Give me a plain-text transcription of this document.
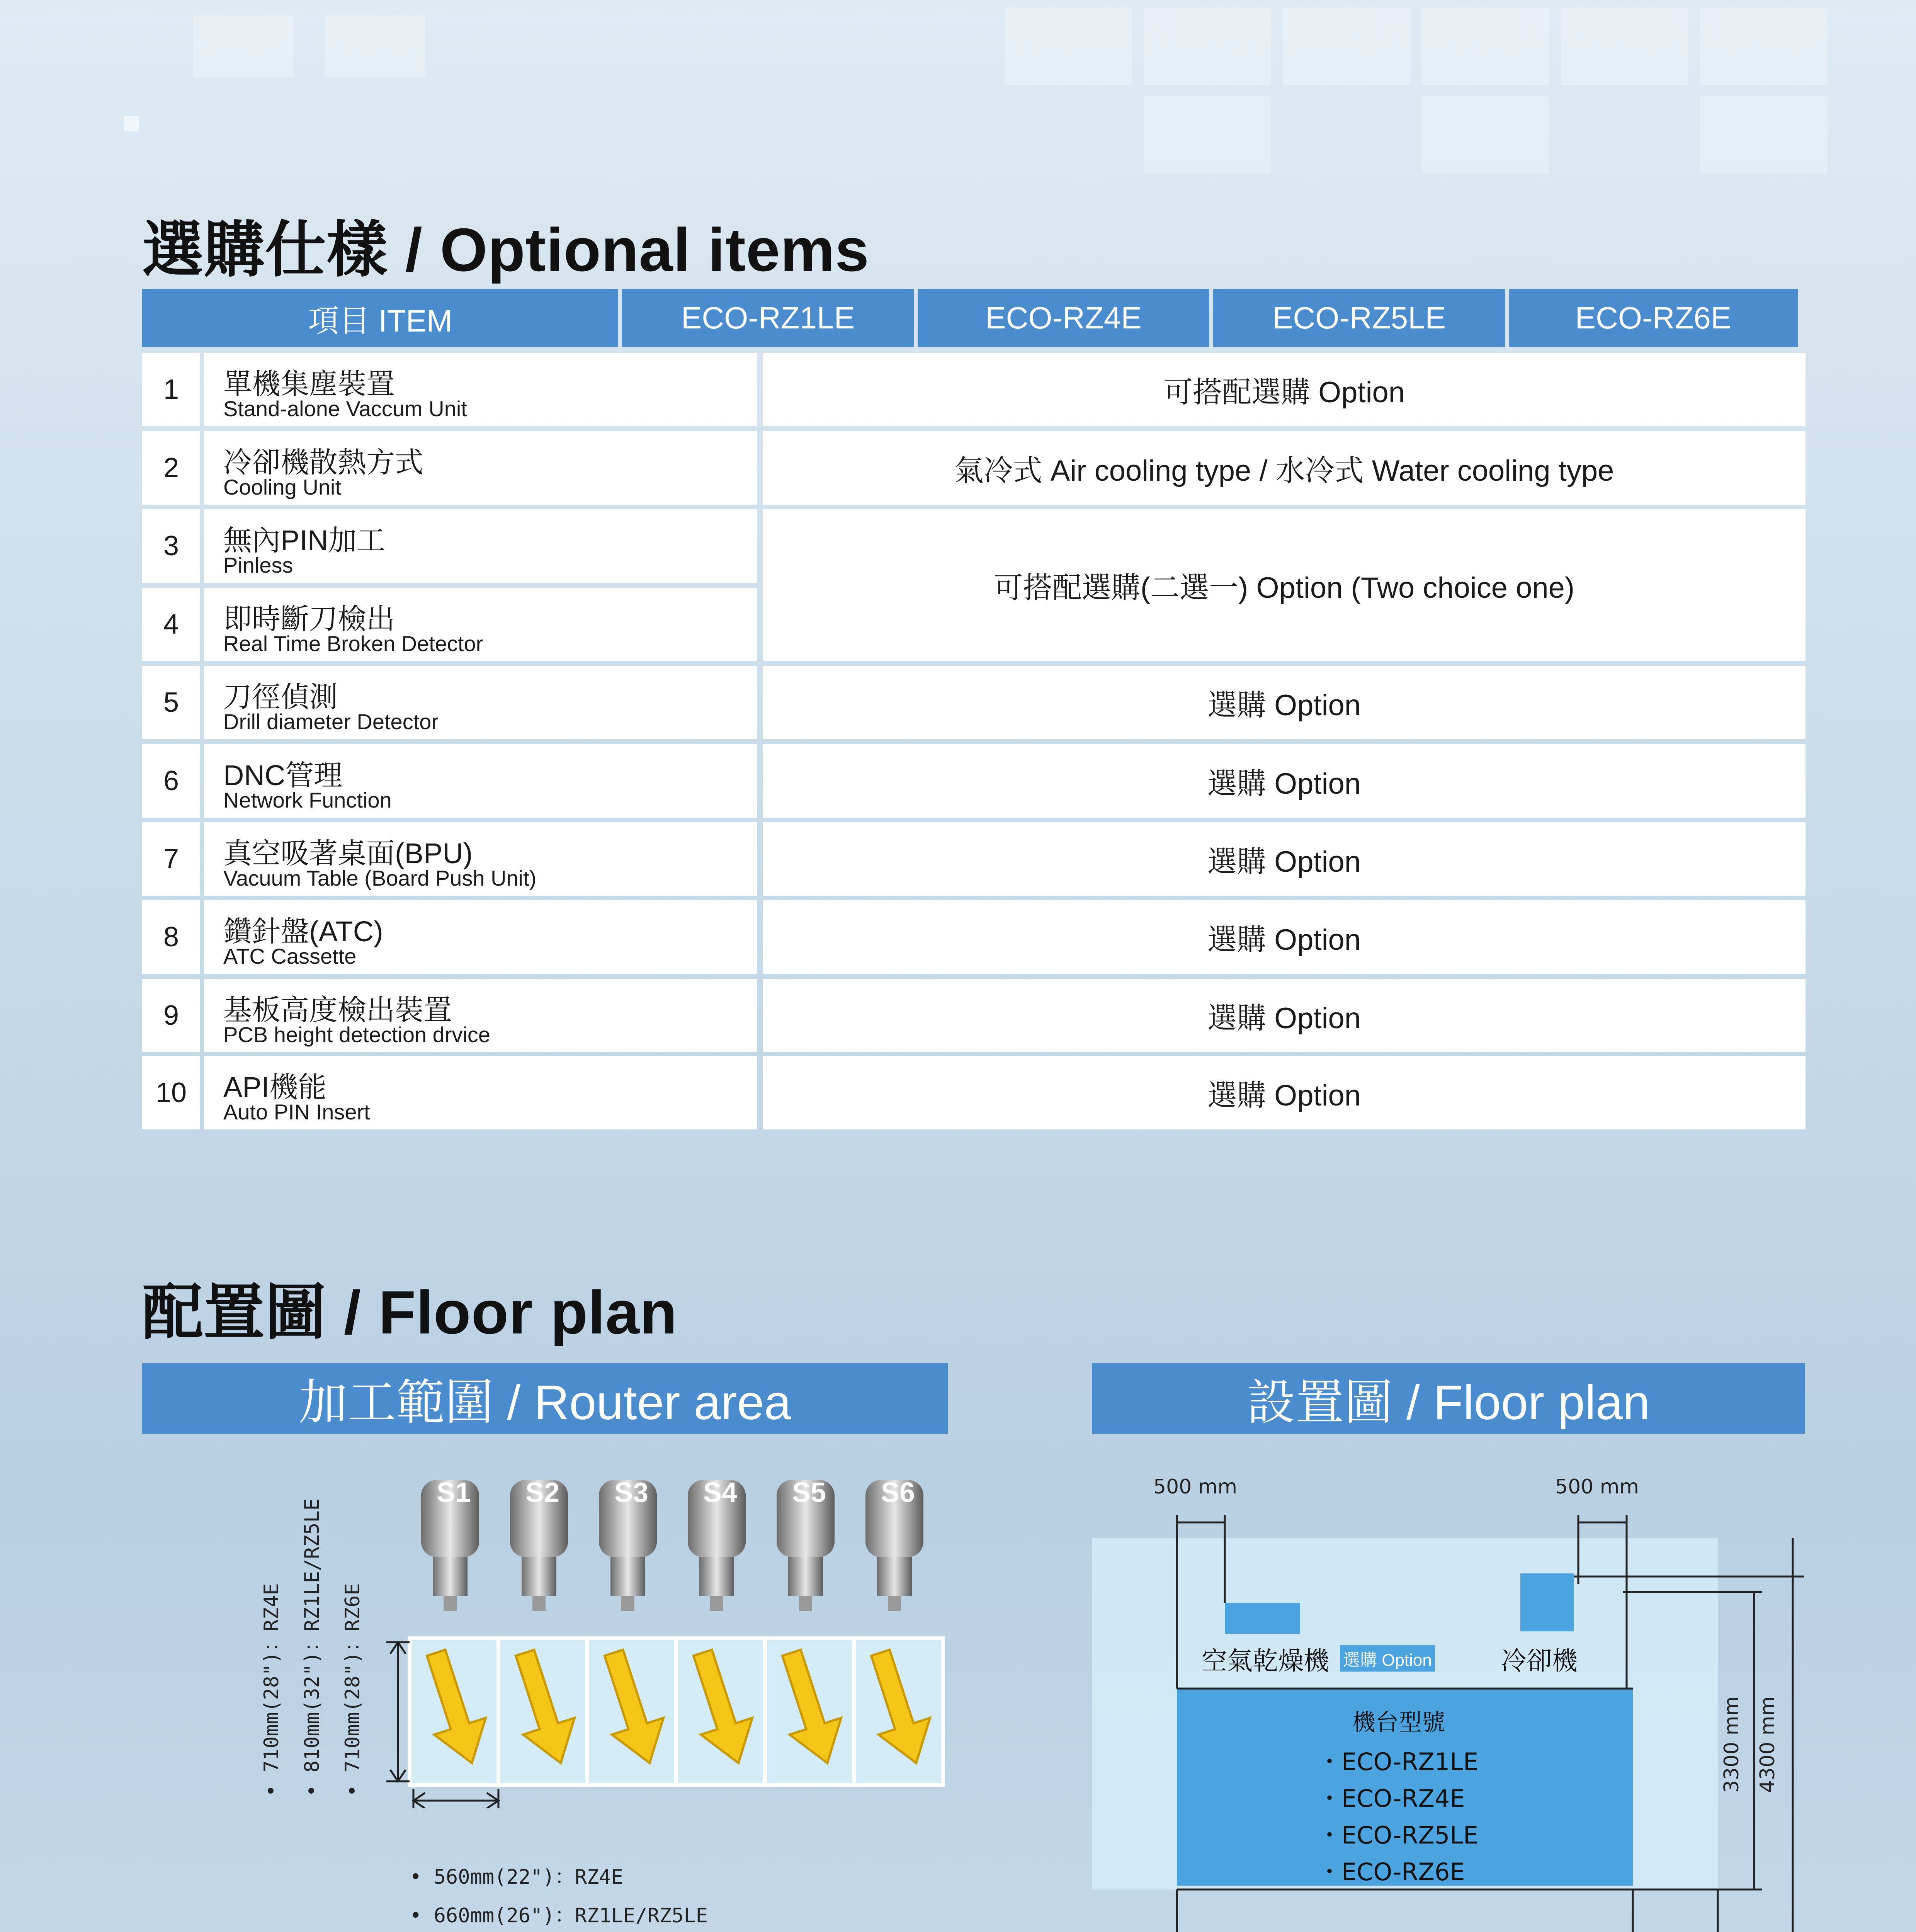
選購仕樣 / Optional items
項目 ITEM	ECO-RZ1LE	ECO-RZ4E	ECO-RZ5LE	ECO-RZ6E
1	單機集塵裝置
Stand-alone Vaccum Unit	可搭配選購 Option
2	冷卻機散熱方式
Cooling Unit	氣冷式 Air cooling type / 水冷式 Water cooling type
3	無內PIN加工
Pinless
可搭配選購(二選一) Option (Two choice one)
4	即時斷刀檢出
Real Time Broken Detector
5	刀徑偵測
Drill diameter Detector	選購 Option
6	DNC管理
Network Function	選購 Option
7	真空吸著桌面(BPU)
Vacuum Table (Board Push Unit)	選購 Option
8	鑽針盤(ATC)
ATC Cassette	選購 Option
9	基板高度檢出裝置
PCB height detection drvice	選購 Option
10	API機能
Auto PIN Insert	選購 Option
配置圖 / Floor plan
加工範圍 / Router area	設置圖 / Floor plan
S1 S2 S3 S4 S5 S6
• 710mm(28")：RZ4E • 810mm(32")：RZ1LE/RZ5LE • 710mm(28")：RZ6E
• 560mm(22")：RZ4E
• 660mm(26")：RZ1LE/RZ5LE
500 mm	500 mm
空氣乾燥機 選購 Option	冷卻機
機台型號
・ECO-RZ1LE
・ECO-RZ4E
・ECO-RZ5LE
・ECO-RZ6E
3300 mm 4300 mm
